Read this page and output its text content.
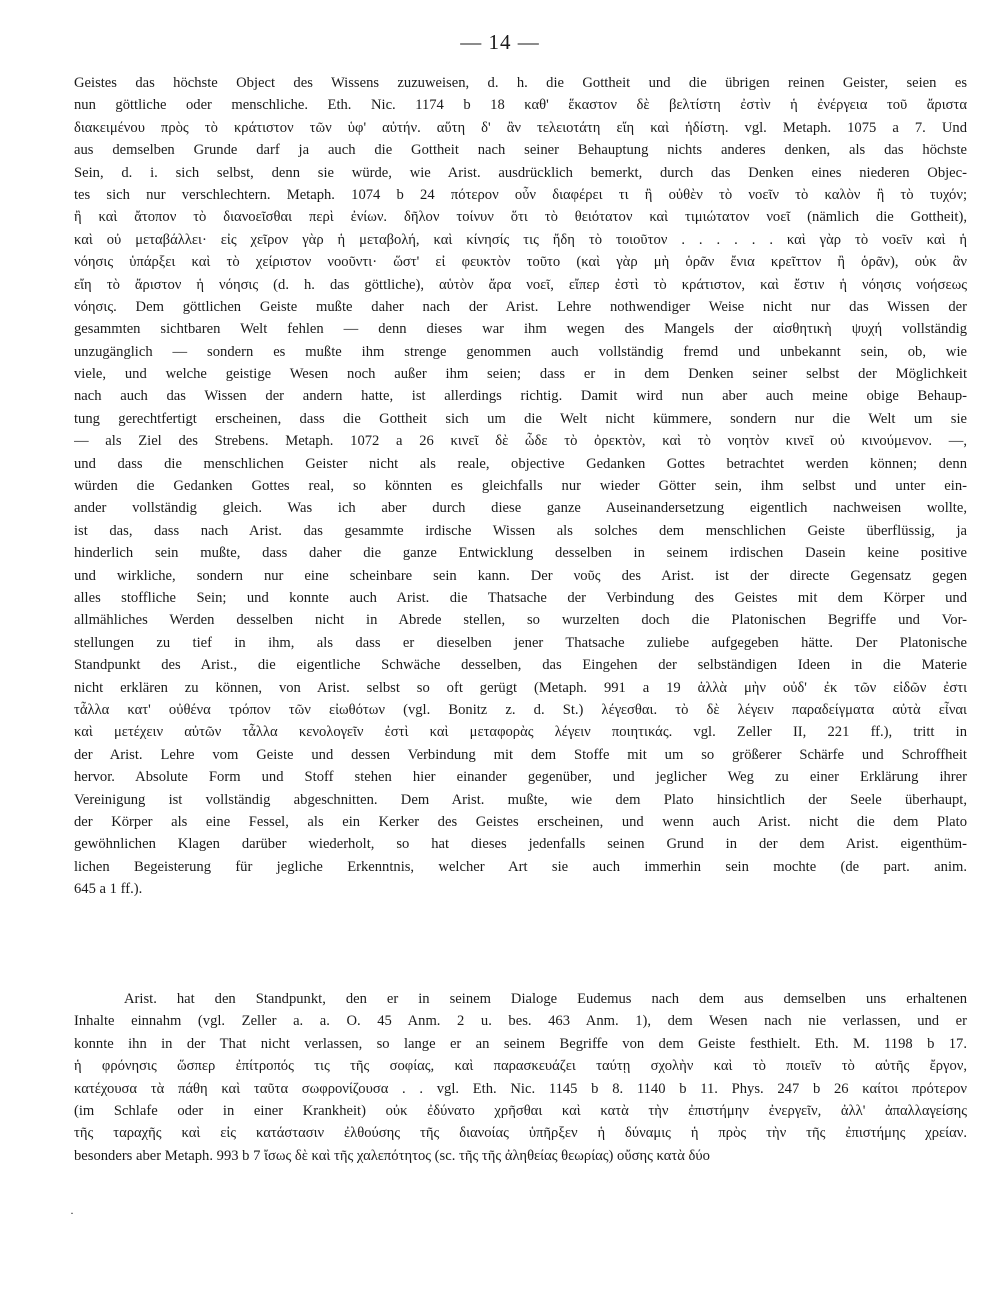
— 14 —
Geistes das höchste Object des Wissens zuzuweisen, d. h. die Gottheit und die übrigen reinen Geister, seien es
nun göttliche oder menschliche. Eth. Nic. 1174 b 18 καθ' ἕκαστον δὲ βελτίστη ἐστὶν ἡ ἐνέργεια τοῦ ἄριστα
διακειμένου πρὸς τὸ κράτιστον τῶν ὑφ' αὐτήν. αὕτη δ' ἂν τελειοτάτη εἴη καὶ ἡδίστη. vgl. Metaph. 1075 a 7. Und
aus demselben Grunde darf ja auch die Gottheit nach seiner Behauptung nichts anderes denken, als das höchste
Sein, d. i. sich selbst, denn sie würde, wie Arist. ausdrücklich bemerkt, durch das Denken eines niederen Objec-
tes sich nur verschlechtern. Metaph. 1074 b 24 πότερον οὖν διαφέρει τι ἢ οὐθὲν τὸ νοεῖν τὸ καλὸν ἢ τὸ τυχόν;
ἢ καὶ ἄτοπον τὸ διανοεῖσθαι περὶ ἐνίων. δῆλον τοίνυν ὅτι τὸ θειότατον καὶ τιμιώτατον νοεῖ (nämlich die Gottheit),
καὶ οὐ μεταβάλλει· εἰς χεῖρον γὰρ ἡ μεταβολή, καὶ κίνησίς τις ἤδη τὸ τοιοῦτον . . . . . . καὶ γὰρ τὸ νοεῖν καὶ ἡ
νόησις ὑπάρξει καὶ τὸ χείριστον νοοῦντι· ὥστ' εἰ φευκτὸν τοῦτο (καὶ γὰρ μὴ ὁρᾶν ἔνια κρεῖττον ἢ ὁρᾶν), οὐκ ἂν
εἴη τὸ ἄριστον ἡ νόησις (d. h. das göttliche), αὑτὸν ἄρα νοεῖ, εἴπερ ἐστὶ τὸ κράτιστον, καὶ ἔστιν ἡ νόησις νοήσεως
νόησις. Dem göttlichen Geiste mußte daher nach der Arist. Lehre nothwendiger Weise nicht nur das Wissen der
gesammten sichtbaren Welt fehlen — denn dieses war ihm wegen des Mangels der αἰσθητικὴ ψυχή vollständig
unzugänglich — sondern es mußte ihm strenge genommen auch vollständig fremd und unbekannt sein, ob, wie
viele, und welche geistige Wesen noch außer ihm seien; dass er in dem Denken seiner selbst der Möglichkeit
nach auch das Wissen der andern hatte, ist allerdings richtig. Damit wird nun aber auch meine obige Behaup-
tung gerechtfertigt erscheinen, dass die Gottheit sich um die Welt nicht kümmere, sondern nur die Welt um sie
— als Ziel des Strebens. Metaph. 1072 a 26 κινεῖ δὲ ὧδε τὸ ὀρεκτὸν, καὶ τὸ νοητὸν κινεῖ οὐ κινούμενον. —,
und dass die menschlichen Geister nicht als reale, objective Gedanken Gottes betrachtet werden können; denn
würden die Gedanken Gottes real, so könnten es gleichfalls nur wieder Götter sein, ihm selbst und unter ein-
ander vollständig gleich. Was ich aber durch diese ganze Auseinandersetzung eigentlich nachweisen wollte,
ist das, dass nach Arist. das gesammte irdische Wissen als solches dem menschlichen Geiste überflüssig, ja
hinderlich sein mußte, dass daher die ganze Entwicklung desselben in seinem irdischen Dasein keine positive
und wirkliche, sondern nur eine scheinbare sein kann. Der νοῦς des Arist. ist der directe Gegensatz gegen
alles stoffliche Sein; und konnte auch Arist. die Thatsache der Verbindung des Geistes mit dem Körper und
allmähliches Werden desselben nicht in Abrede stellen, so wurzelten doch die Platonischen Begriffe und Vor-
stellungen zu tief in ihm, als dass er dieselben jener Thatsache zuliebe aufgegeben hätte. Der Platonische
Standpunkt des Arist., die eigentliche Schwäche desselben, das Eingehen der selbständigen Ideen in die Materie
nicht erklären zu können, von Arist. selbst so oft gerügt (Metaph. 991 a 19 ἀλλὰ μὴν οὐδ' ἐκ τῶν εἰδῶν ἐστι
τἆλλα κατ' οὐθένα τρόπον τῶν εἰωθότων (vgl. Bonitz z. d. St.) λέγεσθαι. τὸ δὲ λέγειν παραδείγματα αὐτὰ εἶναι
καὶ μετέχειν αὐτῶν τἆλλα κενολογεῖν ἐστὶ καὶ μεταφορὰς λέγειν ποιητικάς. vgl. Zeller II, 221 ff.), tritt in
der Arist. Lehre vom Geiste und dessen Verbindung mit dem Stoffe mit um so größerer Schärfe und Schroffheit
hervor. Absolute Form und Stoff stehen hier einander gegenüber, und jeglicher Weg zu einer Erklärung ihrer
Vereinigung ist vollständig abgeschnitten. Dem Arist. mußte, wie dem Plato hinsichtlich der Seele überhaupt,
der Körper als eine Fessel, als ein Kerker des Geistes erscheinen, und wenn auch Arist. nicht die dem Plato
gewöhnlichen Klagen darüber wiederholt, so hat dieses jedenfalls seinen Grund in der dem Arist. eigenthüm-
lichen Begeisterung für jegliche Erkenntnis, welcher Art sie auch immerhin sein mochte (de part. anim.
645 a 1 ff.).
Arist. hat den Standpunkt, den er in seinem Dialoge Eudemus nach dem aus demselben uns erhaltenen
Inhalte einnahm (vgl. Zeller a. a. O. 45 Anm. 2 u. bes. 463 Anm. 1), dem Wesen nach nie verlassen, und er
konnte ihn in der That nicht verlassen, so lange er an seinem Begriffe von dem Geiste festhielt. Eth. M. 1198 b 17.
ἡ φρόνησις ὥσπερ ἐπίτροπός τις τῆς σοφίας, καὶ παρασκευάζει ταύτῃ σχολὴν καὶ τὸ ποιεῖν τὸ αὑτῆς ἔργον,
κατέχουσα τὰ πάθη καὶ ταῦτα σωφρονίζουσα . . vgl. Eth. Nic. 1145 b 8. 1140 b 11. Phys. 247 b 26 καίτοι πρότερον
(im Schlafe oder in einer Krankheit) οὐκ ἐδύνατο χρῆσθαι καὶ κατὰ τὴν ἐπιστήμην ἐνεργεῖν, ἀλλ' ἀπαλλαγείσης
τῆς ταραχῆς καὶ εἰς κατάστασιν ἐλθούσης τῆς διανοίας ὑπῆρξεν ἡ δύναμις ἡ πρὸς τὴν τῆς ἐπιστήμης χρείαν.
besonders aber Metaph. 993 b 7 ἴσως δὲ καὶ τῆς χαλεπότητος (sc. τῆς τῆς ἀληθείας θεωρίας) οὔσης κατὰ δύο
·
